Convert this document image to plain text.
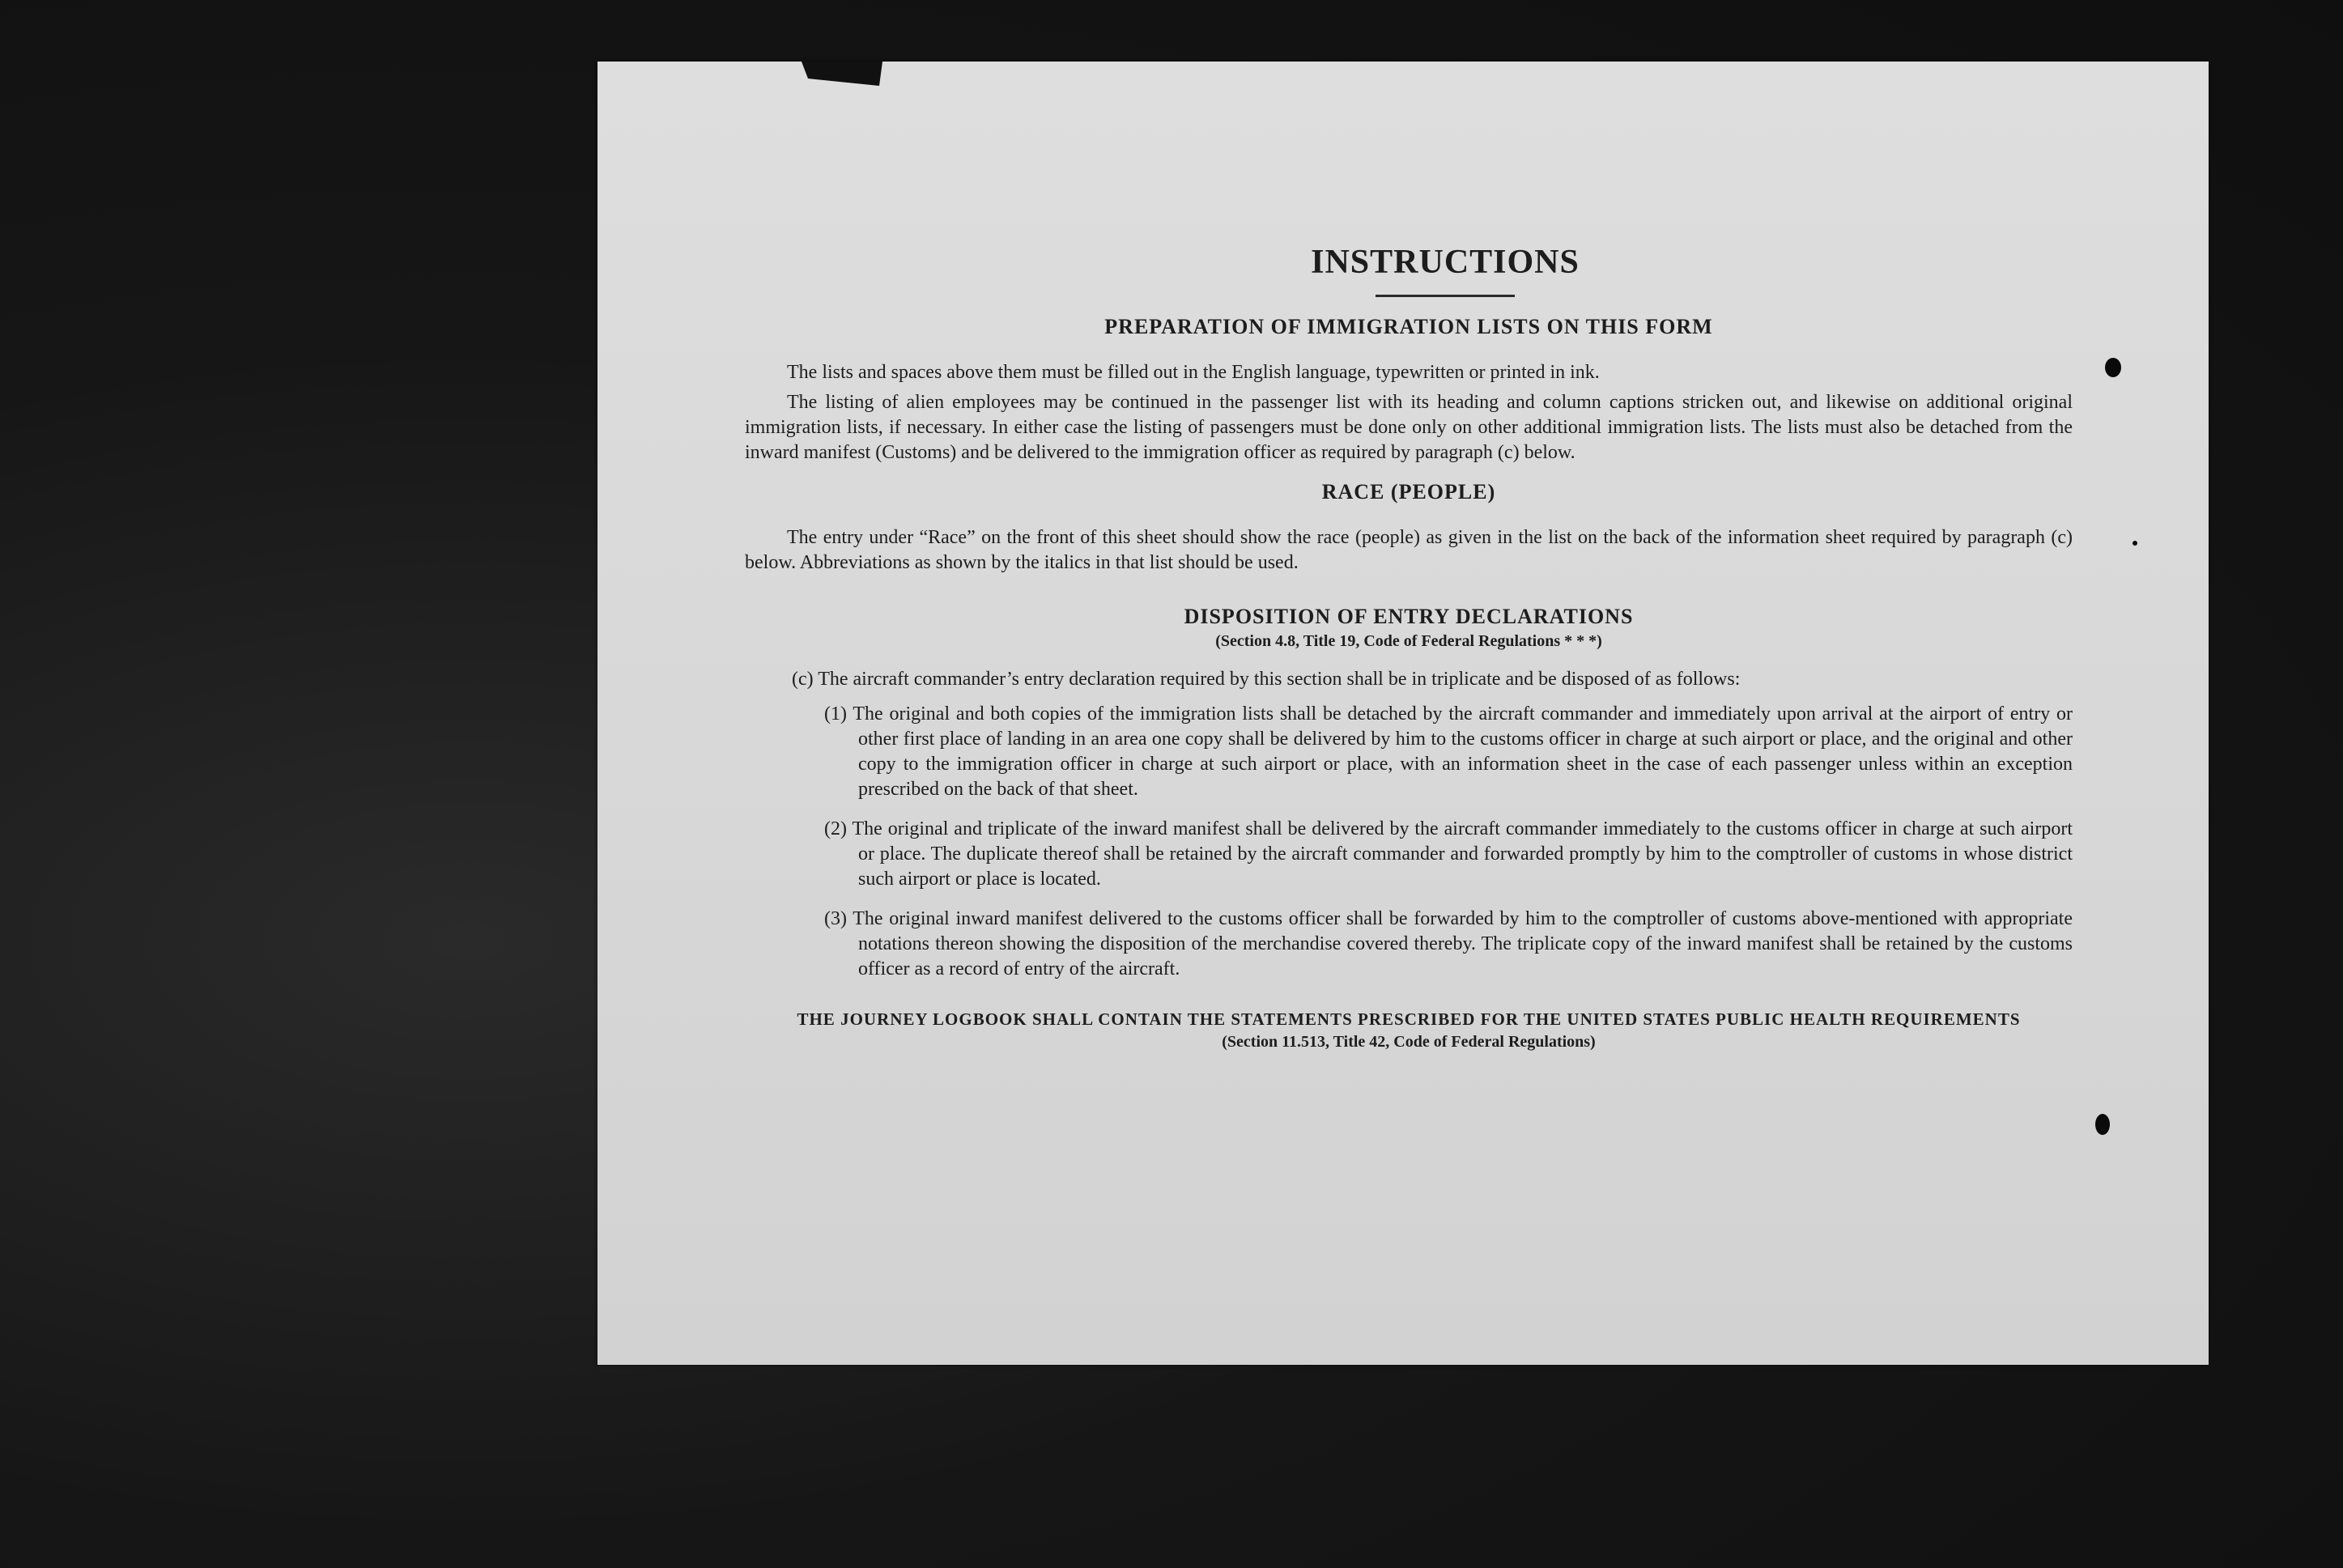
INSTRUCTIONS
PREPARATION OF IMMIGRATION LISTS ON THIS FORM

The lists and spaces above them must be filled out in the English language, typewritten or printed in ink.

The listing of alien employees may be continued in the passenger list with its heading and column captions stricken out, and likewise on additional original immigration lists, if necessary. In either case the listing of passengers must be done only on other additional immigration lists. The lists must also be detached from the inward manifest (Customs) and be delivered to the immigration officer as required by paragraph (c) below.

RACE (PEOPLE)

The entry under “Race” on the front of this sheet should show the race (people) as given in the list on the back of the information sheet required by paragraph (c) below. Abbreviations as shown by the italics in that list should be used.

DISPOSITION OF ENTRY DECLARATIONS
(Section 4.8, Title 19, Code of Federal Regulations * * *)

(c) The aircraft commander’s entry declaration required by this section shall be in triplicate and be disposed of as follows:

(1) The original and both copies of the immigration lists shall be detached by the aircraft commander and immediately upon arrival at the airport of entry or other first place of landing in an area one copy shall be delivered by him to the customs officer in charge at such airport or place, and the original and other copy to the immigration officer in charge at such airport or place, with an information sheet in the case of each passenger unless within an exception prescribed on the back of that sheet.
(2) The original and triplicate of the inward manifest shall be delivered by the aircraft commander immediately to the customs officer in charge at such airport or place. The duplicate thereof shall be retained by the aircraft commander and forwarded promptly by him to the comptroller of customs in whose district such airport or place is located.
(3) The original inward manifest delivered to the customs officer shall be forwarded by him to the comptroller of customs above-mentioned with appropriate notations thereon showing the disposition of the merchandise covered thereby. The triplicate copy of the inward manifest shall be retained by the customs officer as a record of entry of the aircraft.
THE JOURNEY LOGBOOK SHALL CONTAIN THE STATEMENTS PRESCRIBED FOR THE UNITED STATES PUBLIC HEALTH REQUIREMENTS
(Section 11.513, Title 42, Code of Federal Regulations)
